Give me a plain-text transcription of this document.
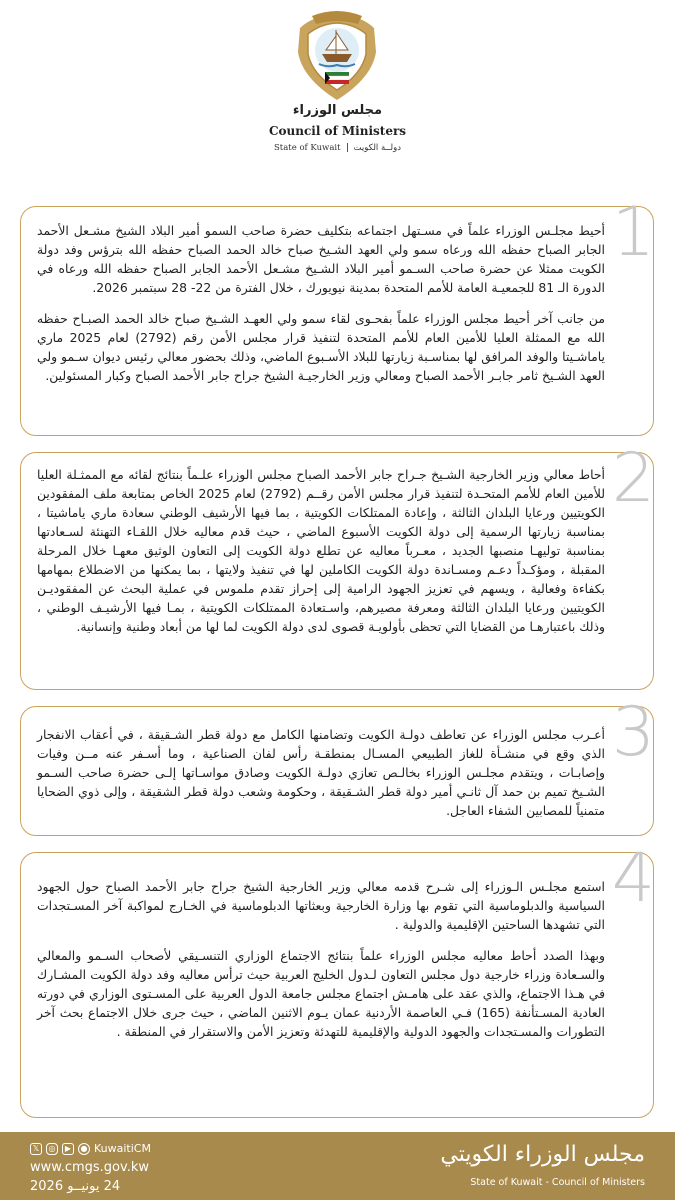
مجلس الوزراء
Council of Ministers
State of Kuwait دولــة الكويت
1

أحيط مجلـس الوزراء علماً في مسـتهل اجتماعه بتكليف حضرة صاحب السمو أمير البلاد الشيخ مشـعل الأحمد الجابر الصباح حفظه الله ورعاه سمو ولي العهد الشـيخ صباح خالد الحمد الصباح حفظه الله بترؤس وفد دولة الكويت ممثلا عن حضرة صاحب السـمو أمير البلاد الشـيخ مشـعل الأحمد الجابر الصباح حفظه الله ورعاه في الدورة الـ 81 للجمعيـة العامة للأمم المتحدة بمدينة نيويورك ، خلال الفترة من 22- 28 سبتمبر 2026.

من جانب آخر أحيط مجلس الوزراء علماً بفحـوى لقاء سمو ولي العهـد الشـيخ صباح خالد الحمد الصبـاح حفظه الله مع الممثلة العليا للأمين العام للأمم المتحدة لتنفيذ قرار مجلس الأمن رقم (2792) لعام 2025 ماري ياماشـيتا والوفد المرافق لها بمناسـبة زيارتها للبلاد الأسـبوع الماضي، وذلك بحضور معالي رئيس ديوان سـمو ولي العهد الشـيخ ثامر جابـر الأحمد الصباح ومعالي وزير الخارجيـة الشيخ جراح جابر الأحمد الصباح وكبار المسئولين.

2

أحاط معالي وزير الخارجية الشـيخ جـراح جابر الأحمد الصباح مجلس الوزراء علـماً بنتائج لقائه مع الممثـلة العليا للأمين العام للأمم المتحـدة لتنفيذ قرار مجلس الأمن رقــم (2792) لعام 2025 الخاص بمتابعة ملف المفقودين الكويتيين ورعايا البلدان الثالثة ، وإعادة الممتلكات الكويتية ، بما فيها الأرشيف الوطني سعادة ماري ياماشيتا ، بمناسبة زيارتها الرسمية إلى دولة الكويت الأسبوع الماضي ، حيث قدم معاليه خلال اللقـاء التهنئة لسـعادتها بمناسبة توليهـا منصبها الجديد ، معـرباً معاليه عن تطلع دولة الكويت إلى التعاون الوثيق معهـا خلال المرحلة المقبلة ، ومؤكـداً دعـم ومسـاندة دولة الكويت الكاملين لها في تنفيذ ولايتها ، بما يمكنها من الاضطلاع بمهامها بكفاءة وفعالية ، ويسهم في تعزيز الجهود الرامية إلى إحراز تقدم ملموس في عملية البحث عن المفقوديـن الكويتيين ورعايا البلدان الثالثة ومعرفة مصيرهم، واسـتعادة الممتلكات الكويتية ، بمـا فيها الأرشيـف الوطني ، وذلك باعتبارهـا من القضايا التي تحظى بأولويـة قصوى لدى دولة الكويت لما لها من أبعاد وطنية وإنسانية.

3

أعـرب مجلس الوزراء عن تعاطف دولـة الكويت وتضامنها الكامل مع دولة قطر الشـقيقة ، في أعقاب الانفجار الذي وقع في منشـأة للغاز الطبيعي المسـال بمنطقـة رأس لفان الصناعية ، وما أسـفر عنه مــن وفيات وإصابـات ، ويتقدم مجلـس الوزراء بخالـص تعازي دولـة الكويت وصادق مواسـاتها إلـى حضرة صاحب السـمو الشـيخ تميم بن حمد آل ثانـي أمير دولة قطر الشـقيقة ، وحكومة وشعب دولة قطر الشقيقة ، وإلى ذوي الضحايا متمنياً للمصابين الشفاء العاجل.

4

استمع مجلـس الـوزراء إلى شـرح قدمه معالي وزير الخارجية الشيخ جراح جابر الأحمد الصباح حول الجهود السياسية والدبلوماسية التي تقوم بها وزارة الخارجية وبعثاتها الدبلوماسية في الخـارج لمواكبة آخر المسـتجدات التي تشهدها الساحتين الإقليمية والدولية .

وبهذا الصدد أحاط معاليه مجلس الوزراء علماً بنتائج الاجتماع الوزاري التنسـيقي لأصحاب السـمو والمعالي والسـعادة وزراء خارجية دول مجلس التعاون لـدول الخليج العربية حيث ترأس معاليه وفد دولة الكويت المشـارك في هـذا الاجتماع، والذي عقد على هامـش اجتماع مجلس جامعة الدول العربية على المسـتوى الوزاري في دورته العادية المسـتأنفة (165) فـي العاصمة الأردنية عمان يـوم الاثنين الماضي ، حيث جرى خلال الاجتماع بحث آخر التطورات والمسـتجدات والجهود الدولية والإقليمية للتهدئة وتعزيز الأمن والاستقرار في المنطقة .

𝕏	◎	▶	● KuwaitiCM
www.cmgs.gov.kw
24 يونيــو 2026
مجلس الوزراء الكويتي
State of Kuwait - Council of Ministers
